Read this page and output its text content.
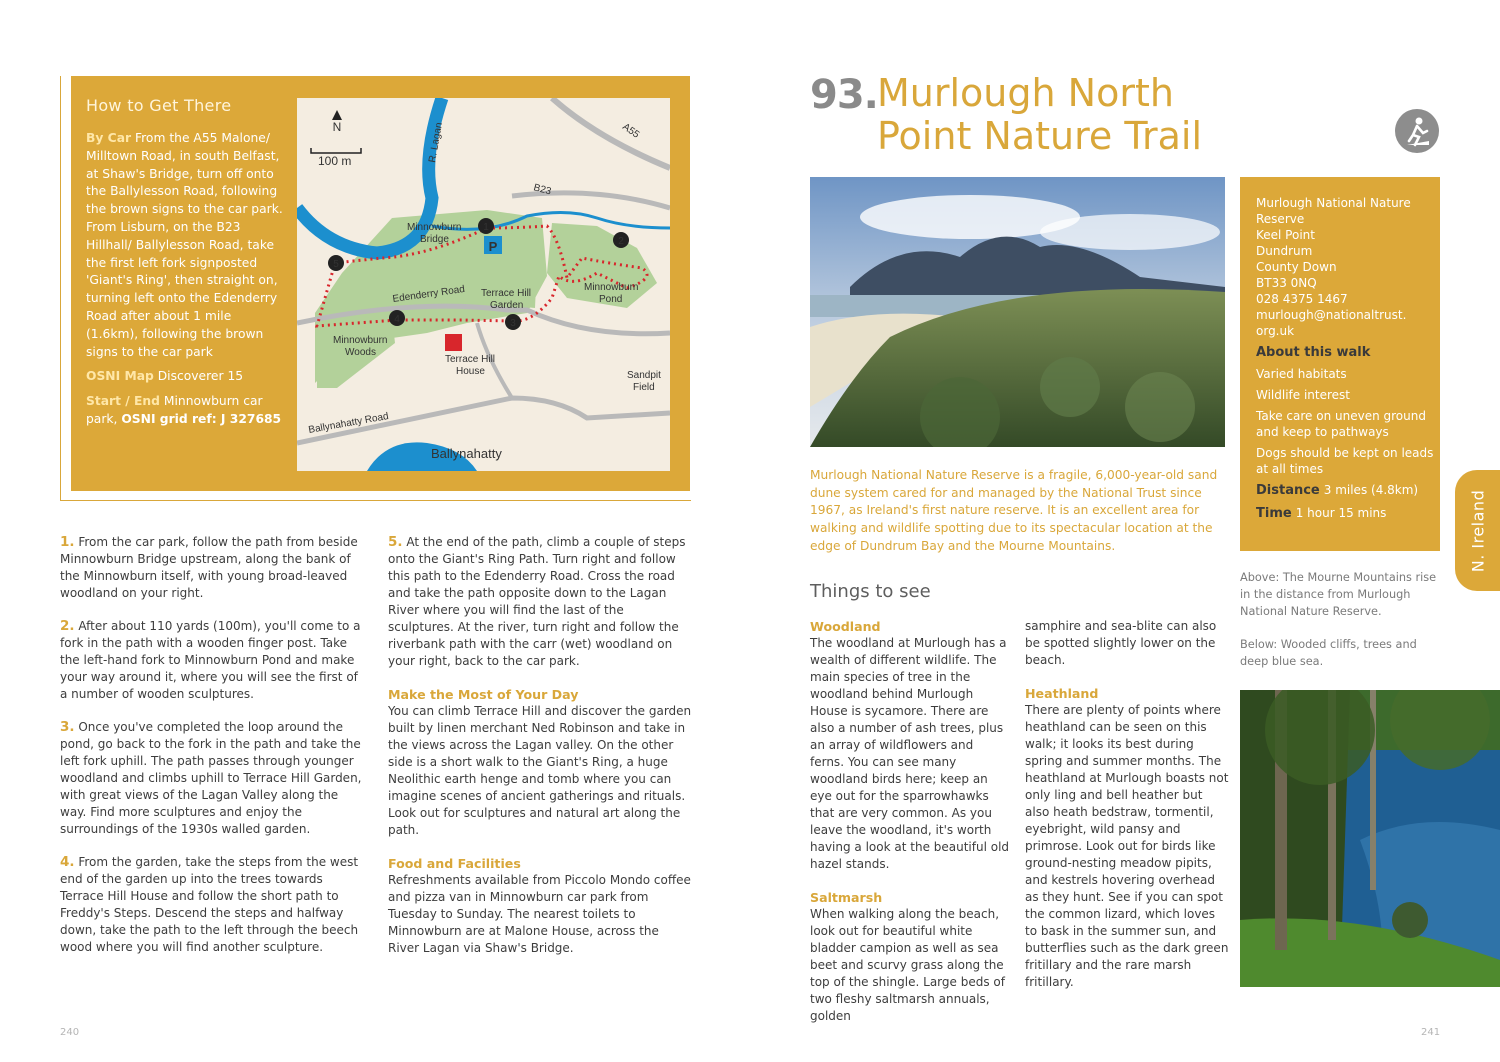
How to Get There

By Car From the A55 Malone/ Milltown Road, in south Belfast, at Shaw's Bridge, turn off onto the Ballylesson Road, following the brown signs to the car park. From Lisburn, on the B23 Hillhall/ Ballylesson Road, take the first left fork signposted 'Giant's Ring', then straight on, turning left onto the Edenderry Road after about 1 mile (1.6km), following the brown signs to the car park

OSNI Map Discoverer 15

Start / End Minnowburn car park, OSNI grid ref: J 327685

1
2
3
4
5
P
N
100 m	R. Lagan	A55
B23
Minnowburn
Bridge
Edenderry Road Terrace Hill
Garden
Minnowburn
Pond
Minnowburn
Woods
Terrace Hill
House	Sandpit
Field
Ballynahatty Road
Ballynahatty

1. From the car park, follow the path from beside Minnowburn Bridge upstream, along the bank of the Minnowburn itself, with young broad-leaved woodland on your right.

2. After about 110 yards (100m), you'll come to a fork in the path with a wooden finger post. Take the left-hand fork to Minnowburn Pond and make your way around it, where you will see the first of a number of wooden sculptures.

3. Once you've completed the loop around the pond, go back to the fork in the path and take the left fork uphill. The path passes through younger woodland and climbs uphill to Terrace Hill Garden, with great views of the Lagan Valley along the way. Find more sculptures and enjoy the surroundings of the 1930s walled garden.

4. From the garden, take the steps from the west end of the garden up into the trees towards Terrace Hill House and follow the short path to Freddy's Steps. Descend the steps and halfway down, take the path to the left through the beech wood where you will find another sculpture.

5. At the end of the path, climb a couple of steps onto the Giant's Ring Path. Turn right and follow this path to the Edenderry Road. Cross the road and take the path opposite down to the Lagan River where you will find the last of the sculptures. At the river, turn right and follow the riverbank path with the carr (wet) woodland on your right, back to the car park.

Make the Most of Your Day
You can climb Terrace Hill and discover the garden built by linen merchant Ned Robinson and take in the views across the Lagan valley. On the other side is a short walk to the Giant's Ring, a huge Neolithic earth henge and tomb where you can imagine scenes of ancient gatherings and rituals. Look out for sculptures and natural art along the path.

Food and Facilities
Refreshments available from Piccolo Mondo coffee and pizza van in Minnowburn car park from Tuesday to Sunday. The nearest toilets to Minnowburn are at Malone House, across the River Lagan via Shaw's Bridge.

240
93. Murlough North
Point Nature Trail
Murlough National Nature Reserve
Keel Point
Dundrum
County Down
BT33 0NQ
028 4375 1467
murlough@nationaltrust.
org.uk
About this walk
Varied habitats
Wildlife interest
Take care on uneven ground and keep to pathways
Dogs should be kept on leads at all times
Distance 3 miles (4.8km)
Time 1 hour 15 mins	N. Ireland
Murlough National Nature Reserve is a fragile, 6,000-year-old sand dune system cared for and managed by the National Trust since 1967, as Ireland's first nature reserve. It is an excellent area for walking and wildlife spotting due to its spectacular location at the edge of Dundrum Bay and the Mourne Mountains.
Things to see

Woodland
The woodland at Murlough has a wealth of different wildlife. The main species of tree in the woodland behind Murlough House is sycamore. There are also a number of ash trees, plus an array of wildflowers and ferns. You can see many woodland birds here; keep an eye out for the sparrowhawks that are very common. As you leave the woodland, it's worth having a look at the beautiful old hazel stands.

Saltmarsh
When walking along the beach, look out for beautiful white bladder campion as well as sea beet and scurvy grass along the top of the shingle. Large beds of two fleshy saltmarsh annuals, golden

samphire and sea-blite can also be spotted slightly lower on the beach.

Heathland
There are plenty of points where heathland can be seen on this walk; it looks its best during spring and summer months. The heathland at Murlough boasts not only ling and bell heather but also heath bedstraw, tormentil, eyebright, wild pansy and primrose. Look out for birds like ground-nesting meadow pipits, and kestrels hovering overhead as they hunt. See if you can spot the common lizard, which loves to bask in the summer sun, and butterflies such as the dark green fritillary and the rare marsh fritillary.

Above: The Mourne Mountains rise in the distance from Murlough National Nature Reserve.
Below: Wooded cliffs, trees and deep blue sea.
241
